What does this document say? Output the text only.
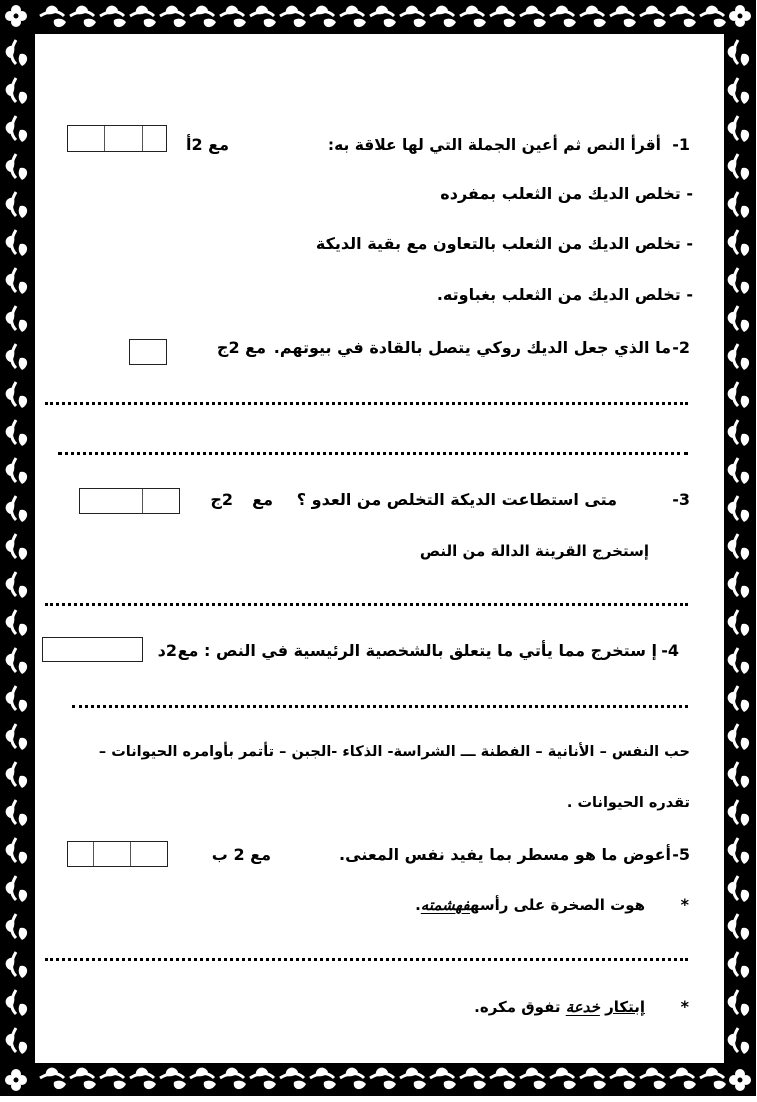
1-
أقرأ النص ثم أعين الجملة التي لها علاقة به:
مع 2أ
- تخلص الديك من الثعلب بمفرده
- تخلص الديك من الثعلب بالتعاون مع بقية الديكة
- تخلص الديك من الثعلب بغباوته.
2-
ما الذي جعل الديك روكي يتصل بالقادة في بيوتهم.
مع 2ج
3-
متى استطاعت الديكة التخلص من العدو ؟
مع
2ج
إستخرج القرينة الدالة من النص
4-
إ ستخرج مما يأتي ما يتعلق بالشخصية الرئيسية في النص : مع
2د
حب النفس – الأنانية – الفطنة ـــ الشراسة- الذكاء -الجبن – تأتمر بأوامره الحيوانات –
تقدره الحيوانات .
5-
أعوض ما هو مسطر بما يفيد نفس المعنى.
مع 2 ب
*
هوت الصخرة على رأسهفهشمته.
*
إبتكار خدعة تفوق مكره.
